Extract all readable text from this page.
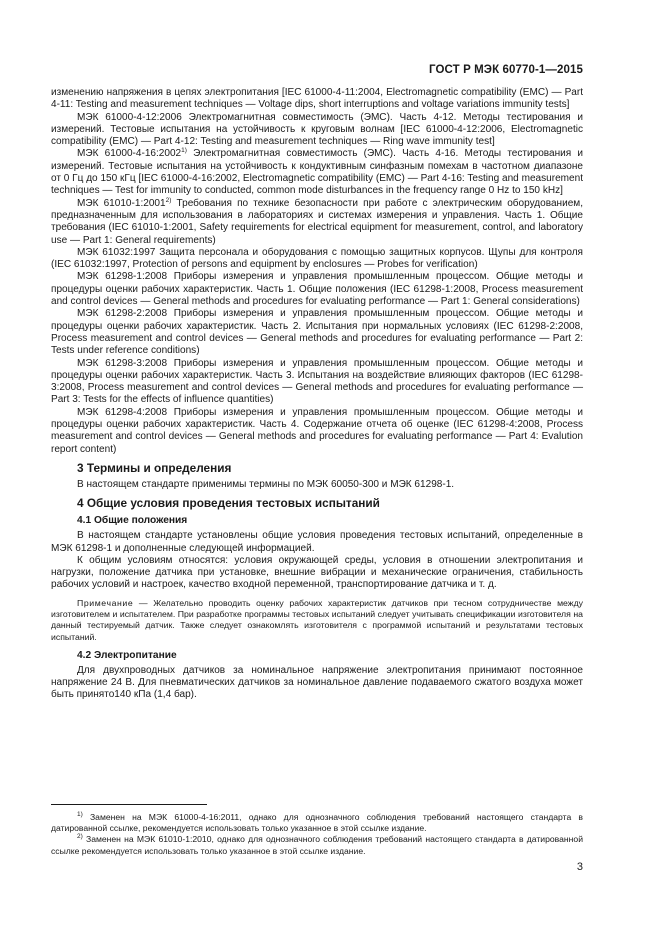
ГОСТ Р МЭК 60770-1—2015

изменению напряжения в цепях электропитания [IEC 61000-4-11:2004, Electromagnetic compatibility (EMC) — Part 4-11: Testing and measurement techniques — Voltage dips, short interruptions and voltage variations immunity tests]

МЭК 61000-4-12:2006 Электромагнитная совместимость (ЭМС). Часть 4-12. Методы тестирования и измерений. Тестовые испытания на устойчивость к круговым волнам [IEC 61000-4-12:2006, Electromagnetic compatibility (EMC) — Part 4-12: Testing and measurement techniques — Ring wave immunity test]

МЭК 61000-4-16:2002$^{1)}$ Электромагнитная совместимость (ЭМС). Часть 4-16. Методы тестирования и измерений. Тестовые испытания на устойчивость к кондуктивным синфазным помехам в частотном диапазоне от 0 Гц до 150 кГц [IEC 61000-4-16:2002, Electromagnetic compatibility (EMC) — Part 4-16: Testing and measurement techniques — Test for immunity to conducted, common mode disturbances in the frequency range 0 Hz to 150 kHz]

МЭК 61010-1:2001$^{2)}$ Требования по технике безопасности при работе с электрическим оборудованием, предназначенным для использования в лабораториях и системах измерения и управления. Часть 1. Общие требования (IEC 61010-1:2001, Safety requirements for electrical equipment for measurement, control, and laboratory use — Part 1: General requirements)

МЭК 61032:1997 Защита персонала и оборудования с помощью защитных корпусов. Щупы для контроля (IEC 61032:1997, Protection of persons and equipment by enclosures — Probes for verification)

МЭК 61298-1:2008 Приборы измерения и управления промышленным процессом. Общие методы и процедуры оценки рабочих характеристик. Часть 1. Общие положения (IEC 61298-1:2008, Process measurement and control devices — General methods and procedures for evaluating performance — Part 1: General considerations)

МЭК 61298-2:2008 Приборы измерения и управления промышленным процессом. Общие методы и процедуры оценки рабочих характеристик. Часть 2. Испытания при нормальных условиях (IEC 61298-2:2008, Process measurement and control devices — General methods and procedures for evaluating performance — Part 2: Tests under reference conditions)

МЭК 61298-3:2008 Приборы измерения и управления промышленным процессом. Общие методы и процедуры оценки рабочих характеристик. Часть 3. Испытания на воздействие влияющих факторов (IEC 61298-3:2008, Process measurement and control devices — General methods and procedures for evaluating performance — Part 3: Tests for the effects of influence quantities)

МЭК 61298-4:2008 Приборы измерения и управления промышленным процессом. Общие методы и процедуры оценки рабочих характеристик. Часть 4. Содержание отчета об оценке (IEC 61298-4:2008, Process measurement and control devices — General methods and procedures for evaluating performance — Part 4: Evalution report content)

3 Термины и определения

В настоящем стандарте применимы термины по МЭК 60050-300 и МЭК 61298-1.

4 Общие условия проведения тестовых испытаний
4.1 Общие положения

В настоящем стандарте установлены общие условия проведения тестовых испытаний, определенные в МЭК 61298-1 и дополненные следующей информацией.

К общим условиям относятся: условия окружающей среды, условия в отношении электропитания и нагрузки, положение датчика при установке, внешние вибрации и механические ограничения, стабильность рабочих условий и настроек, качество входной переменной, транспортирование датчика и т. д.

Примечание — Желательно проводить оценку рабочих характеристик датчиков при тесном сотрудничестве между изготовителем и испытателем. При разработке программы тестовых испытаний следует учитывать спецификации изготовителя на данный тестируемый датчик. Также следует ознакомлять изготовителя с программой испытаний и результатами тестовых испытаний.

4.2 Электропитание

Для двухпроводных датчиков за номинальное напряжение электропитания принимают постоянное напряжение 24 В. Для пневматических датчиков за номинальное давление подаваемого сжатого воздуха может быть принято140 кПа (1,4 бар).

$^{1)}$ Заменен на МЭК 61000-4-16:2011, однако для однозначного соблюдения требований настоящего стандарта в датированной ссылке, рекомендуется использовать только указанное в этой ссылке издание.

$^{2)}$ Заменен на МЭК 61010-1:2010, однако для однозначного соблюдения требований настоящего стандарта в датированной ссылке рекомендуется использовать только указанное в этой ссылке издание.

3
